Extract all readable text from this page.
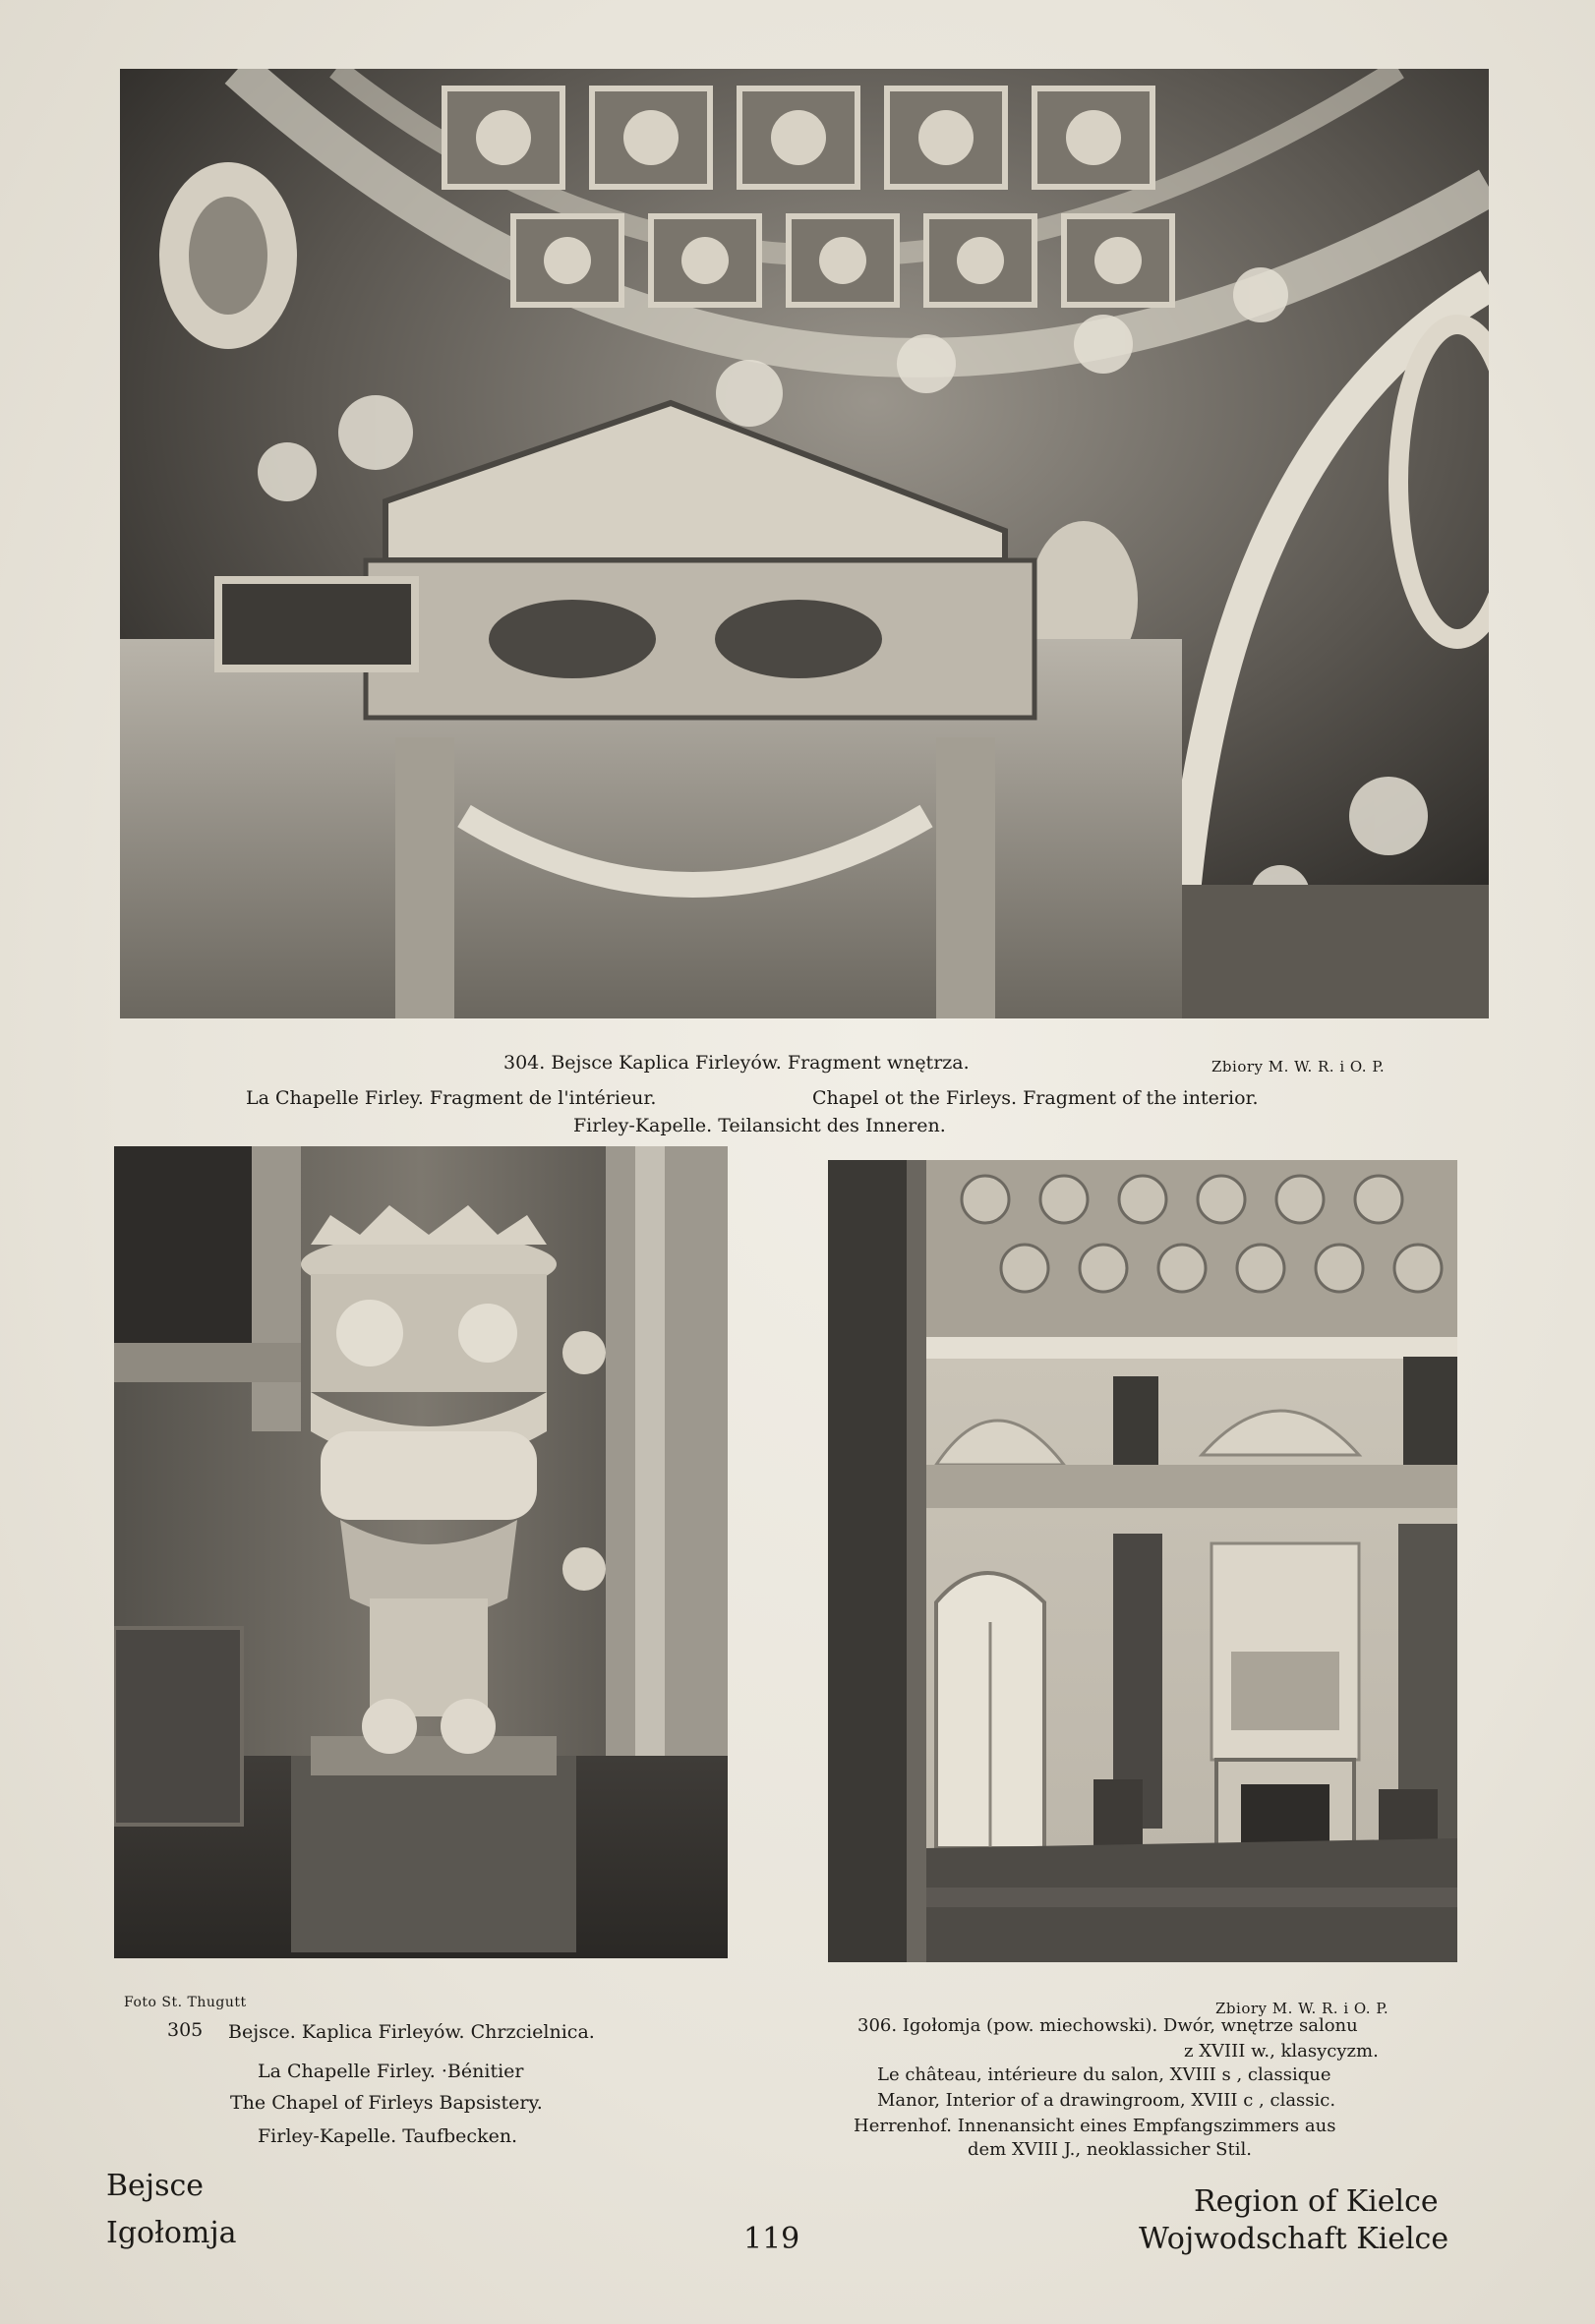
304. Bejsce Kaplica Firleyów. Fragment wnętrza.	Zbiory M. W. R. i O. P.
La Chapelle Firley. Fragment de l'intérieur.	Chapel ot the Firleys. Fragment of the interior.
Firley-Kapelle. Teilansicht des Inneren.
Foto St. Thugutt
305 Bejsce. Kaplica Firleyów. Chrzcielnica.
La Chapelle Firley. ·Bénitier
The Chapel of Firleys Bapsistery.
Firley-Kapelle. Taufbecken.
Zbiory M. W. R. i O. P.
306. Igołomja (pow. miechowski). Dwór, wnętrze salonu
z XVIII w., klasycyzm.
Le château, intérieure du salon, XVIII s , classique
Manor, Interior of a drawingroom, XVIII c , classic.
Herrenhof. Innenansicht eines Empfangszimmers aus
dem XVIII J., neoklassicher Stil.
Bejsce
Igołomja	119
Region of Kielce
Wojwodschaft Kielce
